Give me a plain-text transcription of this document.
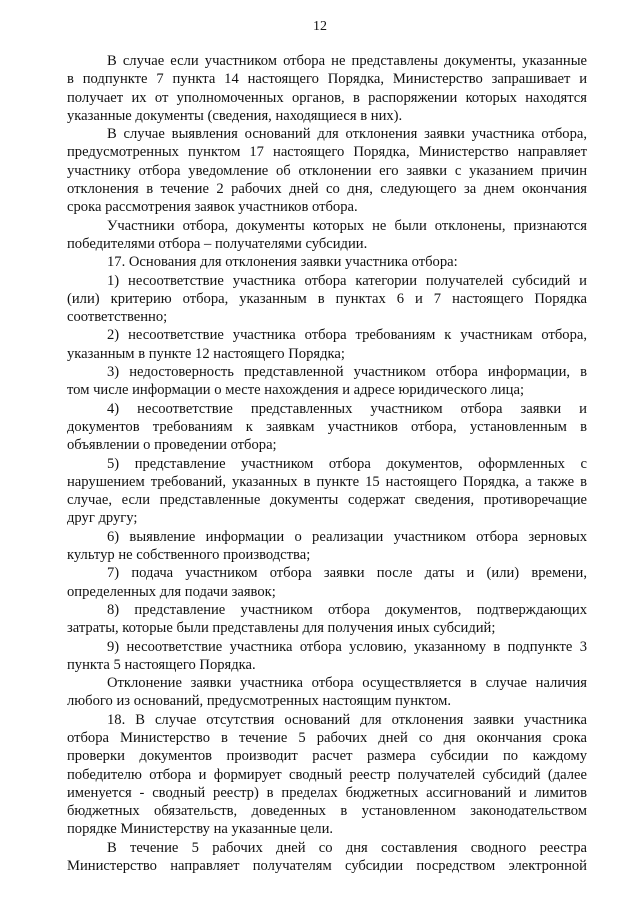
12
В случае если участником отбора не представлены документы, указанные
в подпункте 7 пункта 14 настоящего Порядка, Министерство запрашивает и
получает их от уполномоченных органов, в распоряжении которых находятся
указанные документы (сведения, находящиеся в них).
В случае выявления оснований для отклонения заявки участника отбора,
предусмотренных пунктом 17 настоящего Порядка, Министерство направляет
участнику отбора уведомление об отклонении его заявки с указанием причин
отклонения в течение 2 рабочих дней со дня, следующего за днем окончания
срока рассмотрения заявок участников отбора.
Участники отбора, документы которых не были отклонены, признаются
победителями отбора – получателями субсидии.
17. Основания для отклонения заявки участника отбора:
1) несоответствие участника отбора категории получателей субсидий и
(или) критерию отбора, указанным в пунктах 6 и 7 настоящего Порядка
соответственно;
2) несоответствие участника отбора требованиям к участникам отбора,
указанным в пункте 12 настоящего Порядка;
3) недостоверность представленной участником отбора информации, в
том числе информации о месте нахождения и адресе юридического лица;
4) несоответствие представленных участником отбора заявки и
документов требованиям к заявкам участников отбора, установленным в
объявлении о проведении отбора;
5) представление участником отбора документов, оформленных с
нарушением требований, указанных в пункте 15 настоящего Порядка, а также в
случае, если представленные документы содержат сведения, противоречащие
друг другу;
6) выявление информации о реализации участником отбора зерновых
культур не собственного производства;
7) подача участником отбора заявки после даты и (или) времени,
определенных для подачи заявок;
8) представление участником отбора документов, подтверждающих
затраты, которые были представлены для получения иных субсидий;
9) несоответствие участника отбора условию, указанному в подпункте 3
пункта 5 настоящего Порядка.
Отклонение заявки участника отбора осуществляется в случае наличия
любого из оснований, предусмотренных настоящим пунктом.
18. В случае отсутствия оснований для отклонения заявки участника
отбора Министерство в течение 5 рабочих дней со дня окончания срока
проверки документов производит расчет размера субсидии по каждому
победителю отбора и формирует сводный реестр получателей субсидий (далее
именуется - сводный реестр) в пределах бюджетных ассигнований и лимитов
бюджетных обязательств, доведенных в установленном законодательством
порядке Министерству на указанные цели.
В течение 5 рабочих дней со дня составления сводного реестра
Министерство направляет получателям субсидии посредством электронной
